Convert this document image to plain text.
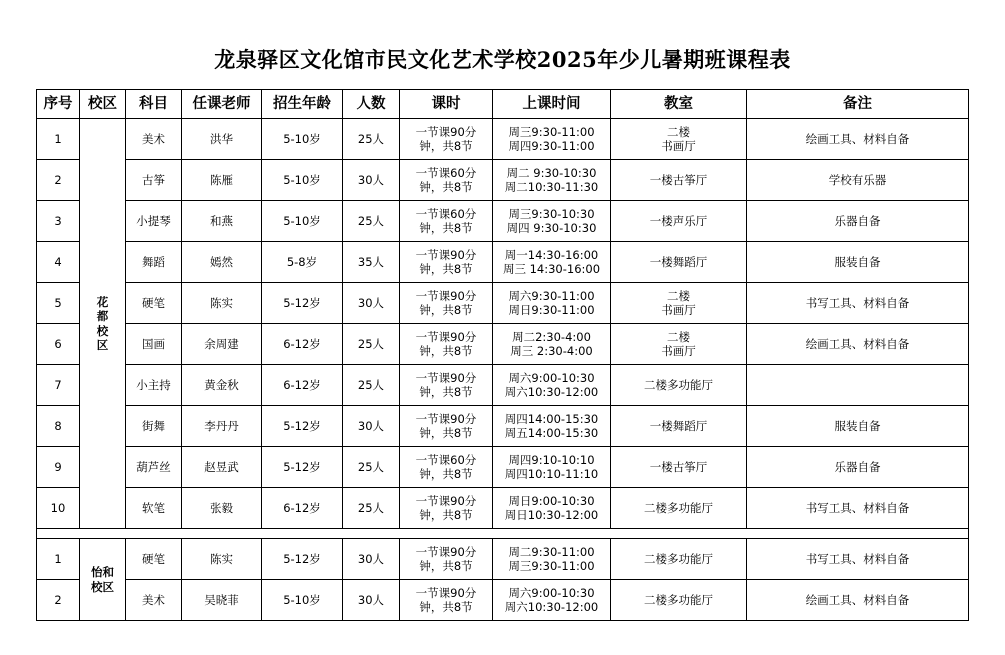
龙泉驿区文化馆市民文化艺术学校2025年少儿暑期班课程表
序号	校区	科目	任课老师	招生年龄	人数	课时	上课时间	教室	备注
1	花
都
校
区	美术	洪华	5-10岁	25人	一节课90分
钟，共8节	周三9:30-11:00
周四9:30-11:00	二楼
书画厅	绘画工具、材料自备
2		古筝	陈雁	5-10岁	30人	一节课60分
钟，共8节	周二 9:30-10:30
周二10:30-11:30	一楼古筝厅	学校有乐器
3		小提琴	和燕	5-10岁	25人	一节课60分
钟，共8节	周三9:30-10:30
周四 9:30-10:30	一楼声乐厅	乐器自备
4		舞蹈	嫣然	5-8岁	35人	一节课90分
钟，共8节	周一14:30-16:00
周三 14:30-16:00	一楼舞蹈厅	服装自备
5		硬笔	陈实	5-12岁	30人	一节课90分
钟，共8节	周六9:30-11:00
周日9:30-11:00	二楼
书画厅	书写工具、材料自备
6		国画	余周建	6-12岁	25人	一节课90分
钟，共8节	周二2:30-4:00
周三 2:30-4:00	二楼
书画厅	绘画工具、材料自备
7		小主持	黄金秋	6-12岁	25人	一节课90分
钟，共8节	周六9:00-10:30
周六10:30-12:00	二楼多功能厅	

8		街舞	李丹丹	5-12岁	30人	一节课90分
钟，共8节	周四14:00-15:30
周五14:00-15:30	一楼舞蹈厅	服装自备
9		葫芦丝	赵昱武	5-12岁	25人	一节课60分
钟，共8节	周四9:10-10:10
周四10:10-11:10	一楼古筝厅	乐器自备
10		软笔	张毅	6-12岁	25人	一节课90分
钟，共8节	周日9:00-10:30
周日10:30-12:00	二楼多功能厅	书写工具、材料自备

1	怡和
校区	硬笔	陈实	5-12岁	30人	一节课90分
钟，共8节	周二9:30-11:00
周三9:30-11:00	二楼多功能厅	书写工具、材料自备
2		美术	吴晓菲	5-10岁	30人	一节课90分
钟，共8节	周六9:00-10:30
周六10:30-12:00	二楼多功能厅	绘画工具、材料自备
